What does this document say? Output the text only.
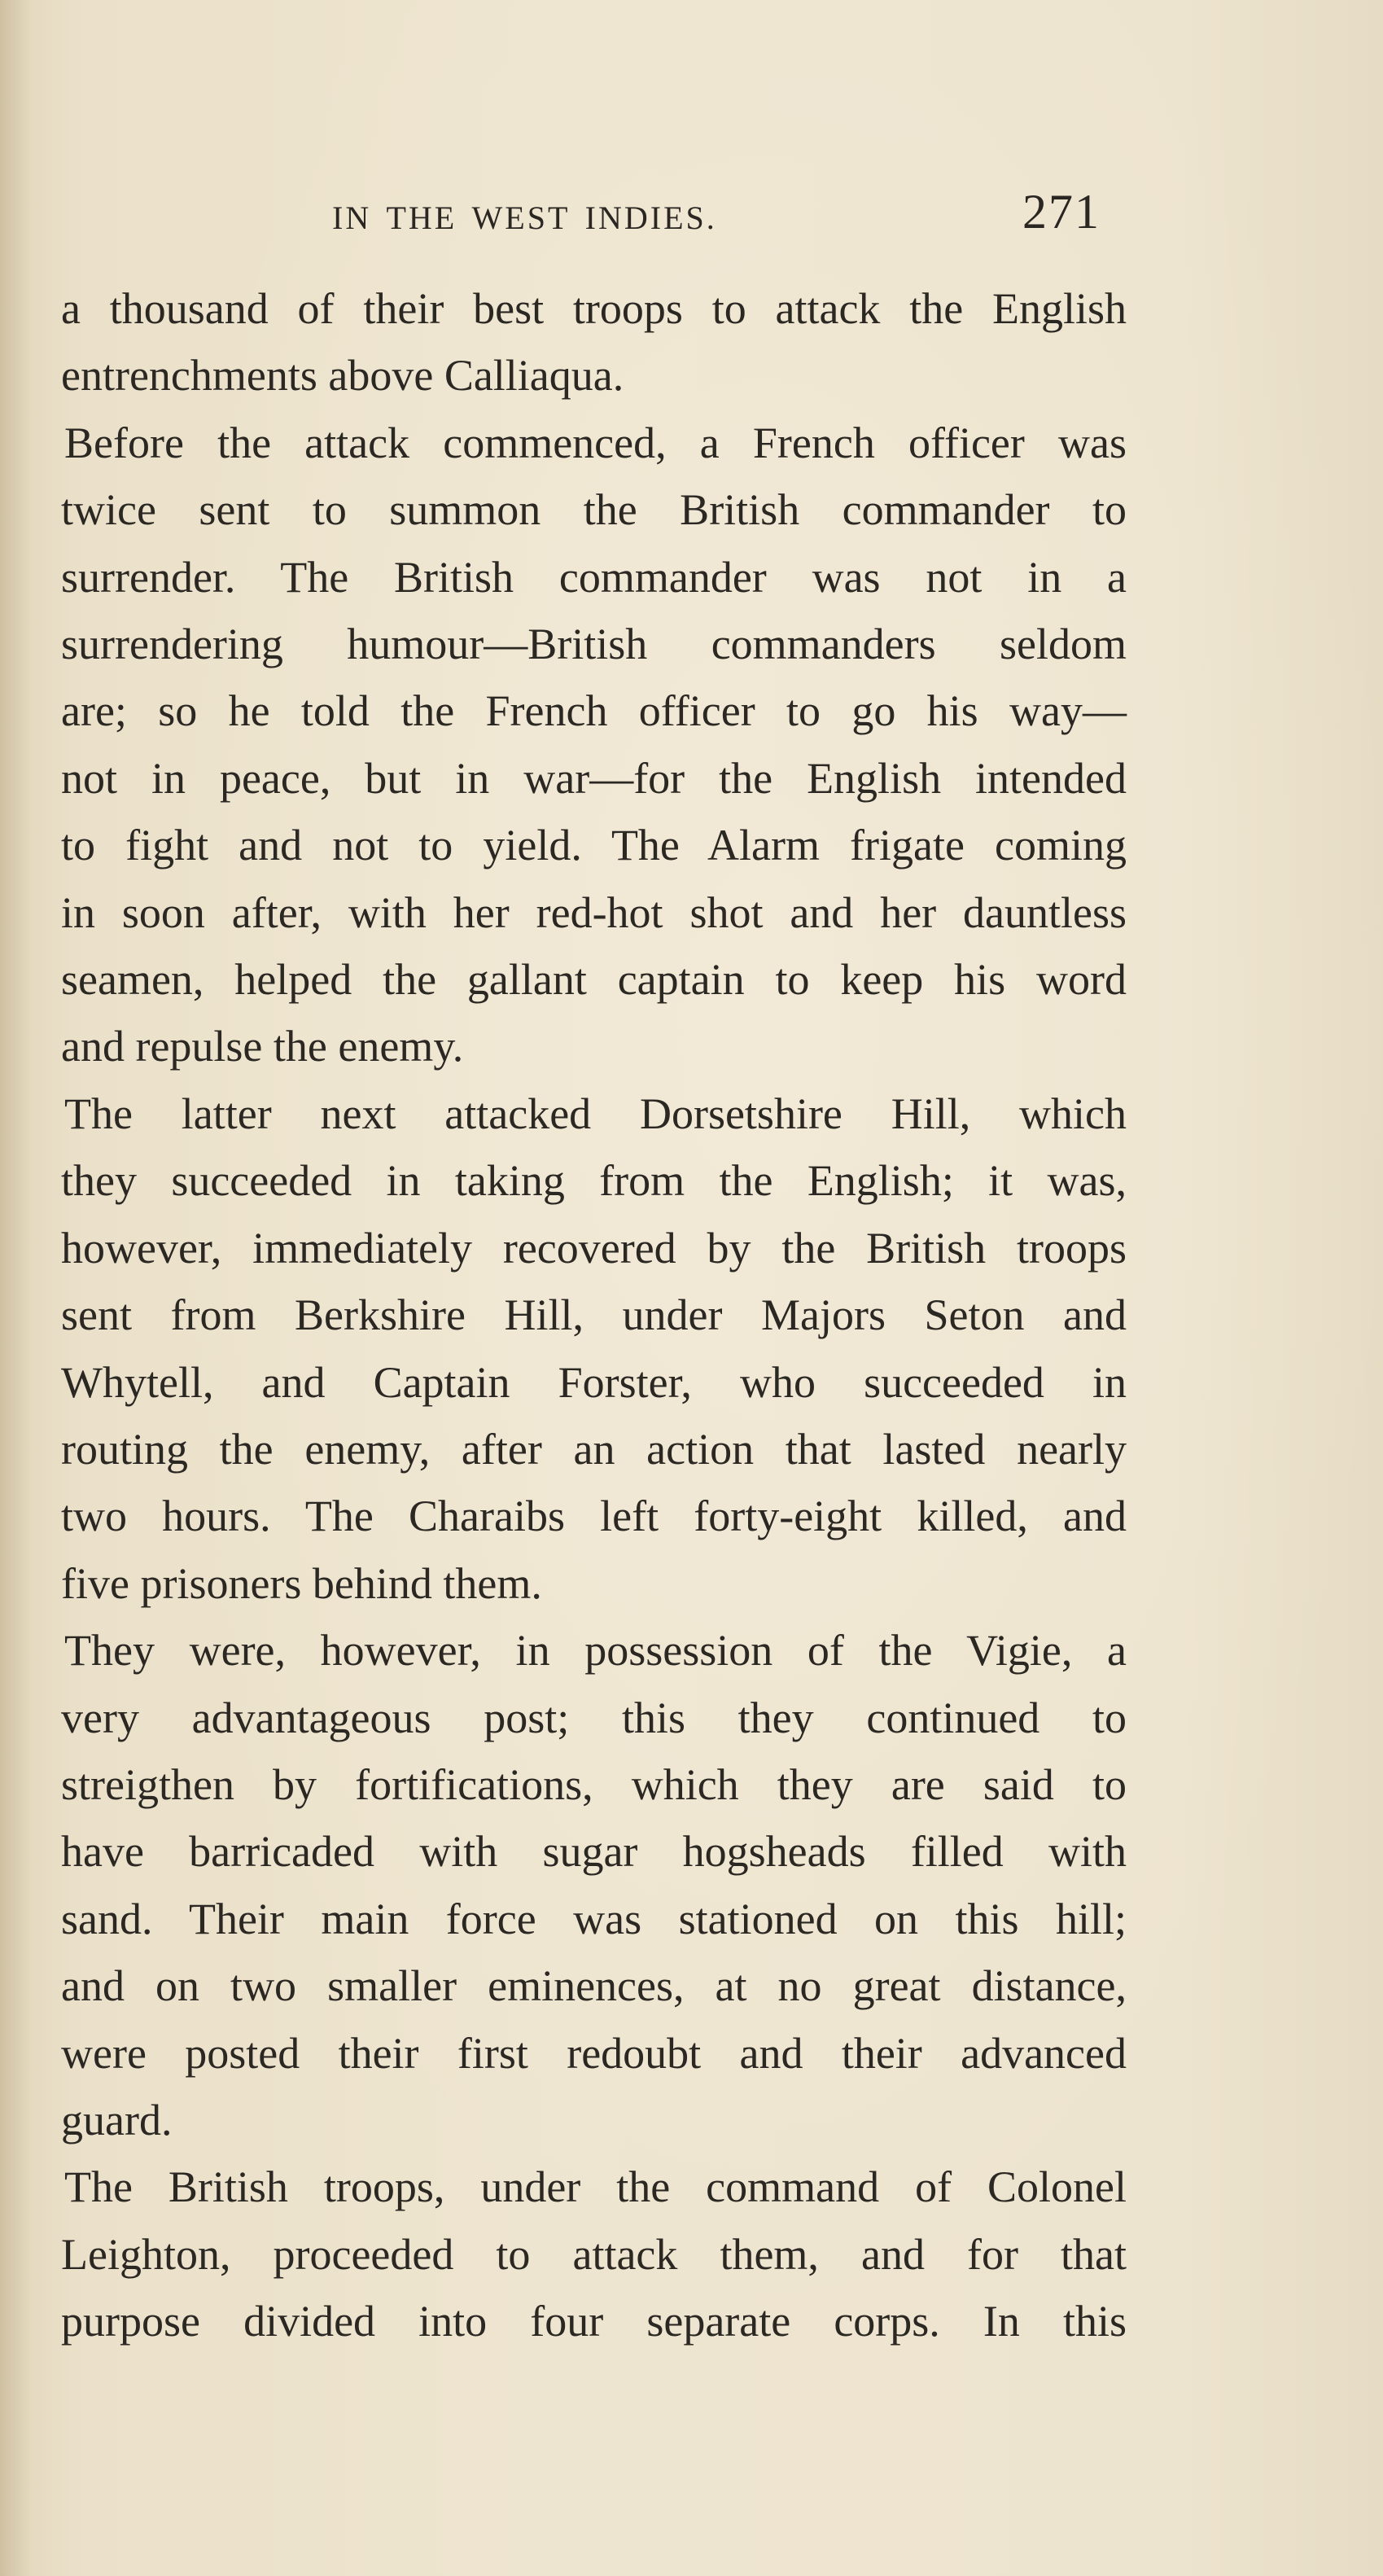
IN THE WEST INDIES.	271
a thousand of their best troops to attack the English
entrenchments above Calliaqua.
Before the attack commenced, a French officer was
twice sent to summon the British commander to
surrender. The British commander was not in a
surrendering humour—British commanders seldom
are; so he told the French officer to go his way—
not in peace, but in war—for the English intended
to fight and not to yield. The Alarm frigate coming
in soon after, with her red-hot shot and her dauntless
seamen, helped the gallant captain to keep his word
and repulse the enemy.
The latter next attacked Dorsetshire Hill, which
they succeeded in taking from the English; it was,
however, immediately recovered by the British troops
sent from Berkshire Hill, under Majors Seton and
Whytell, and Captain Forster, who succeeded in
routing the enemy, after an action that lasted nearly
two hours. The Charaibs left forty-eight killed, and
five prisoners behind them.
They were, however, in possession of the Vigie, a
very advantageous post; this they continued to
streigthen by fortifications, which they are said to
have barricaded with sugar hogsheads filled with
sand. Their main force was stationed on this hill;
and on two smaller eminences, at no great distance,
were posted their first redoubt and their advanced
guard.
The British troops, under the command of Colonel
Leighton, proceeded to attack them, and for that
purpose divided into four separate corps. In this
